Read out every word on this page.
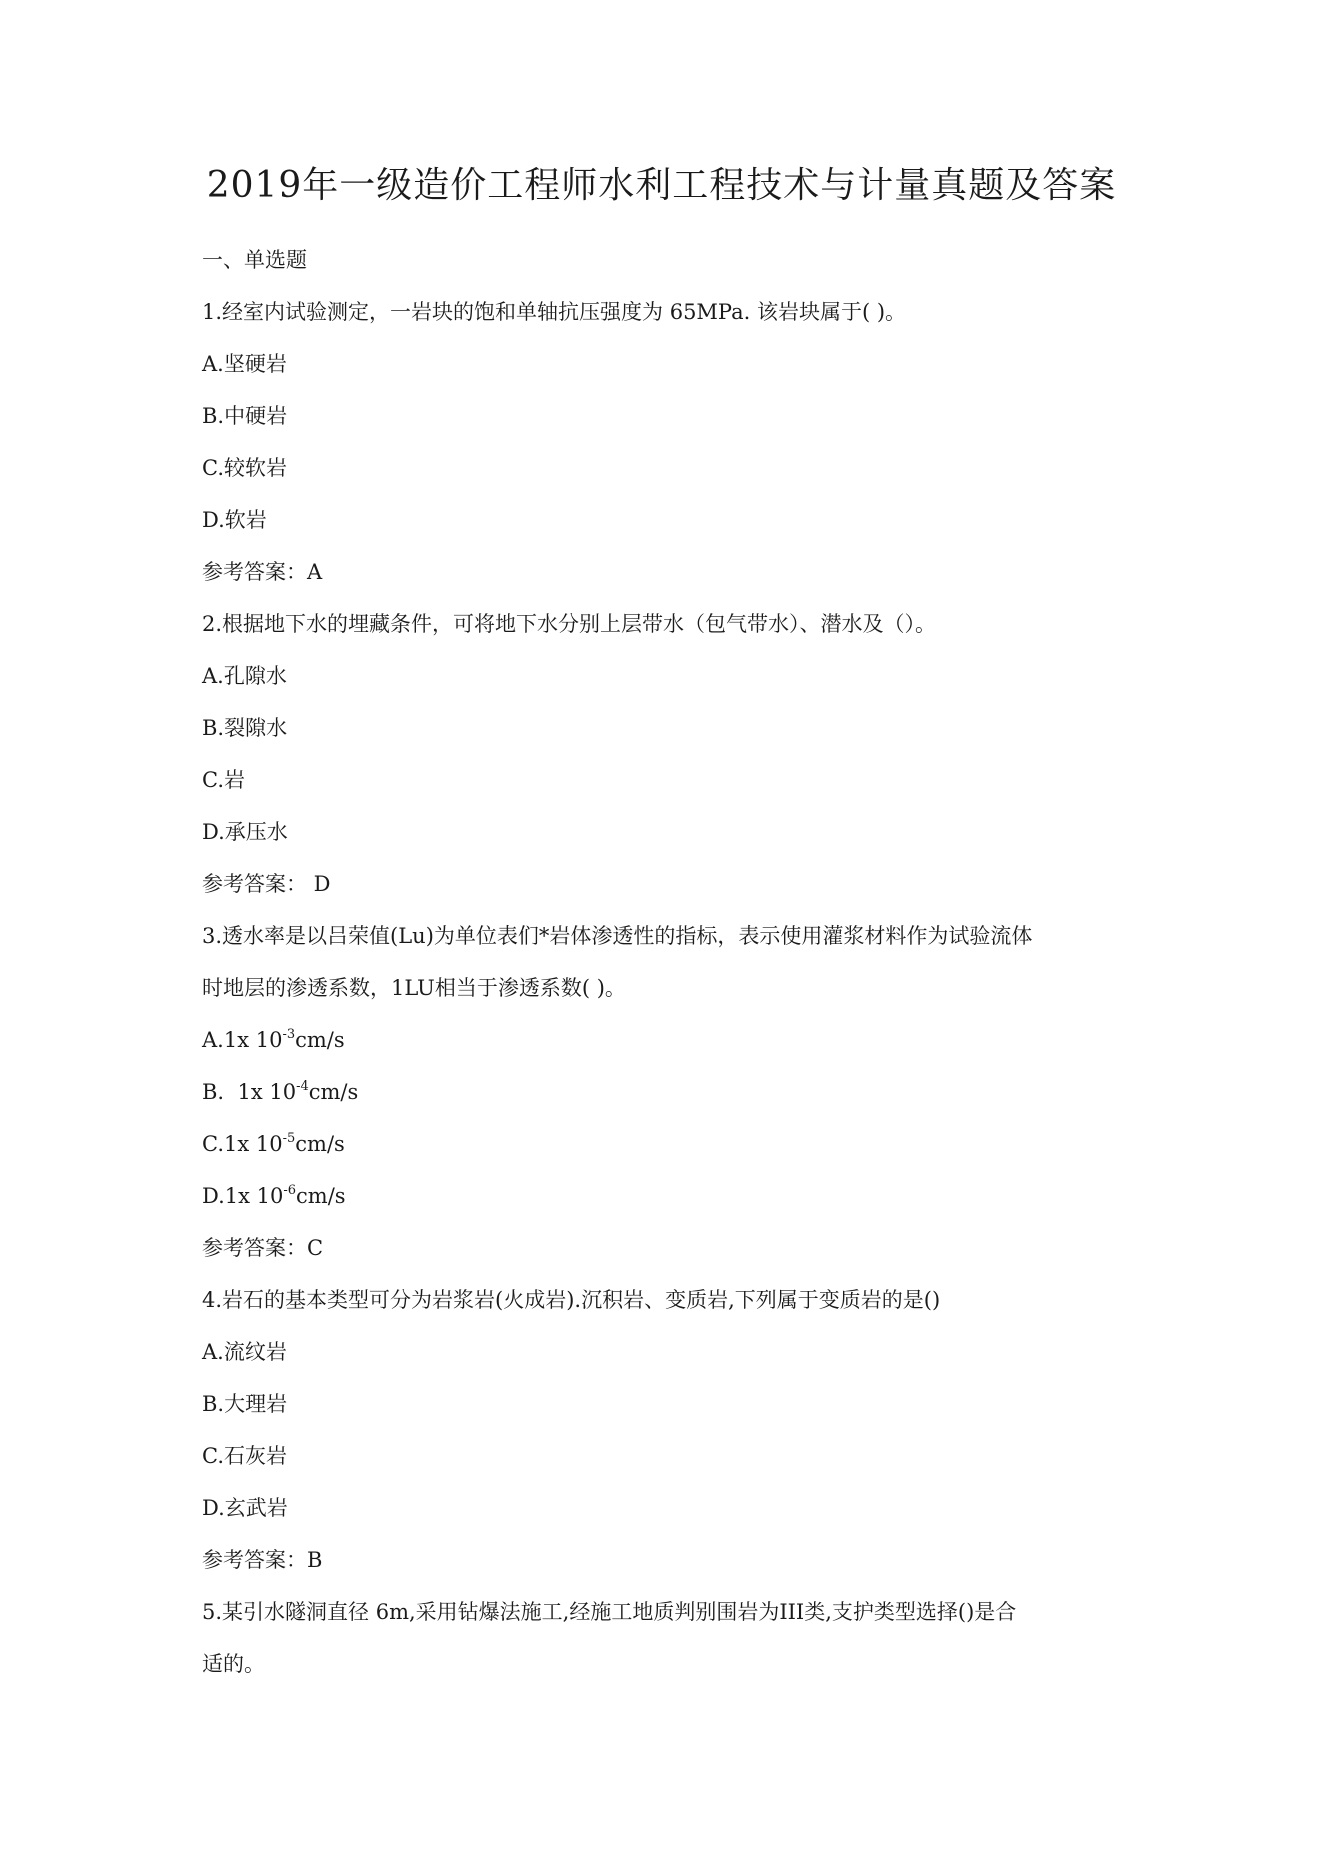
2019年一级造价工程师水利工程技术与计量真题及答案
一、单选题
1.经室内试验测定，一岩块的饱和单轴抗压强度为 65MPa. 该岩块属于( )。
A.坚硬岩
B.中硬岩
C.较软岩
D.软岩
参考答案：A
2.根据地下水的埋藏条件，可将地下水分别上层带水（包气带水）、潜水及（）。
A.孔隙水
B.裂隙水
C.岩
D.承压水
参考答案： D
3.透水率是以吕荣值(Lu)为单位表们*岩体渗透性的指标，表示使用灌浆材料作为试验流体
时地层的渗透系数，1LU相当于渗透系数( )。
A.1x $10^{-3}cm/s$
B.  1x $10^{-4}cm/s$
C.1x $10^{-5}cm/s$
D.1x $10^{-6}cm/s$
参考答案：C
4.岩石的基本类型可分为岩浆岩(火成岩).沉积岩、变质岩,下列属于变质岩的是()
A.流纹岩
B.大理岩
C.石灰岩
D.玄武岩
参考答案：B
5.某引水隧洞直径 6m,采用钻爆法施工,经施工地质判别围岩为III类,支护类型选择()是合
适的。
